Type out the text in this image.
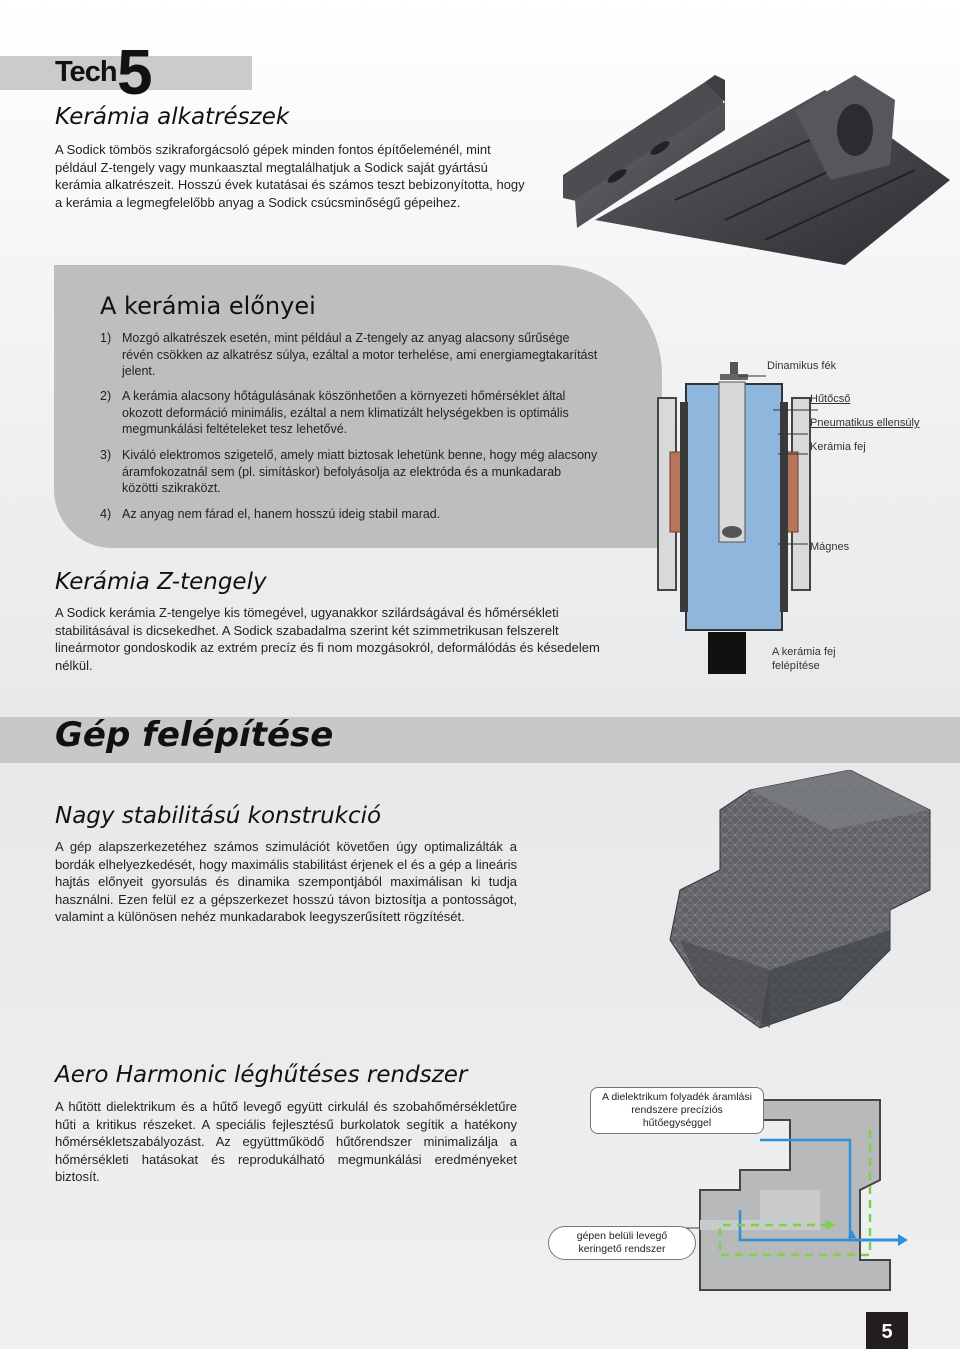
Tech 5
Kerámia alkatrészek

A Sodick tömbös szikraforgácsoló gépek minden fontos építőeleménél, mint például Z-tengely vagy munkaasztal megtalálhatjuk a Sodick saját gyártású kerámia alkatrészeit. Hosszú évek kutatásai és számos teszt bebizonyította, hogy a kerámia a legmegfelelőbb anyag a Sodick csúcsminőségű gépeihez.

A kerámia előnyei
1) Mozgó alkatrészek esetén, mint például a Z-tengely az anyag alacsony sűrűsége révén csökken az alkatrész súlya, ezáltal a motor terhelése, ami energiamegtakarítást jelent.
2) A kerámia alacsony hőtágulásának köszönhetően a környezeti hőmérséklet által okozott deformáció minimális, ezáltal a nem klimatizált helységekben is optimális megmunkálási feltételeket tesz lehetővé.
3) Kiváló elektromos szigetelő, amely miatt biztosak lehetünk benne, hogy még alacsony áramfokozatnál sem (pl. simításkor) befolyásolja az elektróda és a munkadarab közötti szikraközt.
4) Az anyag nem fárad el, hanem hosszú ideig stabil marad.
Dinamikus fék
Hűtőcső
Pneumatikus ellensúly
Kerámia fej
Mágnes
A kerámia fej felépítése
Kerámia Z-tengely

A Sodick kerámia Z-tengelye kis tömegével, ugyanakkor szilárdságával és hőmérsékleti stabilitásával is dicsekedhet. A Sodick szabadalma szerint két szimmetrikusan felszerelt lineármotor gondoskodik az extrém precíz és fi nom mozgásokról, deformálódás és késedelem nélkül.

Gép felépítése
Nagy stabilitású konstrukció

A gép alapszerkezetéhez számos szimulációt követően úgy optimalizálták a bordák elhelyezkedését, hogy maximális stabilitást érjenek el és a gép a lineáris hajtás előnyeit gyorsulás és dinamika szempontjából maximálisan ki tudja használni. Ezen felül ez a gépszerkezet hosszú távon biztosítja a pontosságot, valamint a különösen nehéz munkadarabok leegyszerűsített rögzítését.

Aero Harmonic léghűtéses rendszer

A hűtött dielektrikum és a hűtő levegő együtt cirkulál és szobahőmérsékletűre hűti a kritikus részeket. A speciális fejlesztésű burkolatok segítik a hatékony hőmérsékletszabályozást. Az együttműködő hűtőrendszer minimalizálja a hőmérsékleti hatásokat és reprodukálható megmunkálási eredményeket biztosít.

A dielektrikum folyadék áramlási rendszere precíziós hűtőegységgel
gépen belüli levegő keringető rendszer
5
